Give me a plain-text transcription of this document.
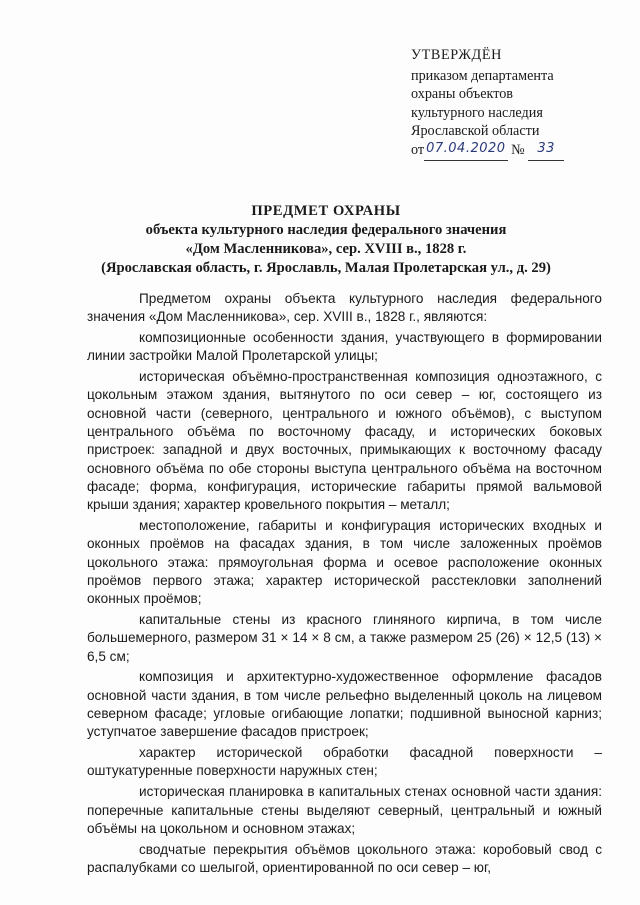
УТВЕРЖДЁН
приказом департамента
охраны объектов
культурного наследия
Ярославской области
от 07.04.2020 № 33
ПРЕДМЕТ ОХРАНЫ
объекта культурного наследия федерального значения
«Дом Масленникова», сер. XVIII в., 1828 г.
(Ярославская область, г. Ярославль, Малая Пролетарская ул., д. 29)

Предметом охраны объекта культурного наследия федерального значения «Дом Масленникова», сер. XVIII в., 1828 г., являются:

композиционные особенности здания, участвующего в формировании линии застройки Малой Пролетарской улицы;

историческая объёмно-пространственная композиция одноэтажного, с цокольным этажом здания, вытянутого по оси север – юг, состоящего из основной части (северного, центрального и южного объёмов), с выступом центрального объёма по восточному фасаду, и исторических боковых пристроек: западной и двух восточных, примыкающих к восточному фасаду основного объёма по обе стороны выступа центрального объёма на восточном фасаде; форма, конфигурация, исторические габариты прямой вальмовой крыши здания; характер кровельного покрытия – металл;

местоположение, габариты и конфигурация исторических входных и оконных проёмов на фасадах здания, в том числе заложенных проёмов цокольного этажа: прямоугольная форма и осевое расположение оконных проёмов первого этажа; характер исторической расстекловки заполнений оконных проёмов;

капитальные стены из красного глиняного кирпича, в том числе большемерного, размером 31 × 14 × 8 см, а также размером 25 (26) × 12,5 (13) × 6,5 см;

композиция и архитектурно-художественное оформление фасадов основной части здания, в том числе рельефно выделенный цоколь на лицевом северном фасаде; угловые огибающие лопатки; подшивной выносной карниз; уступчатое завершение фасадов пристроек;

характер исторической обработки фасадной поверхности – оштукатуренные поверхности наружных стен;

историческая планировка в капитальных стенах основной части здания: поперечные капитальные стены выделяют северный, центральный и южный объёмы на цокольном и основном этажах;

сводчатые перекрытия объёмов цокольного этажа: коробовый свод с распалубками со шелыгой, ориентированной по оси север – юг,
